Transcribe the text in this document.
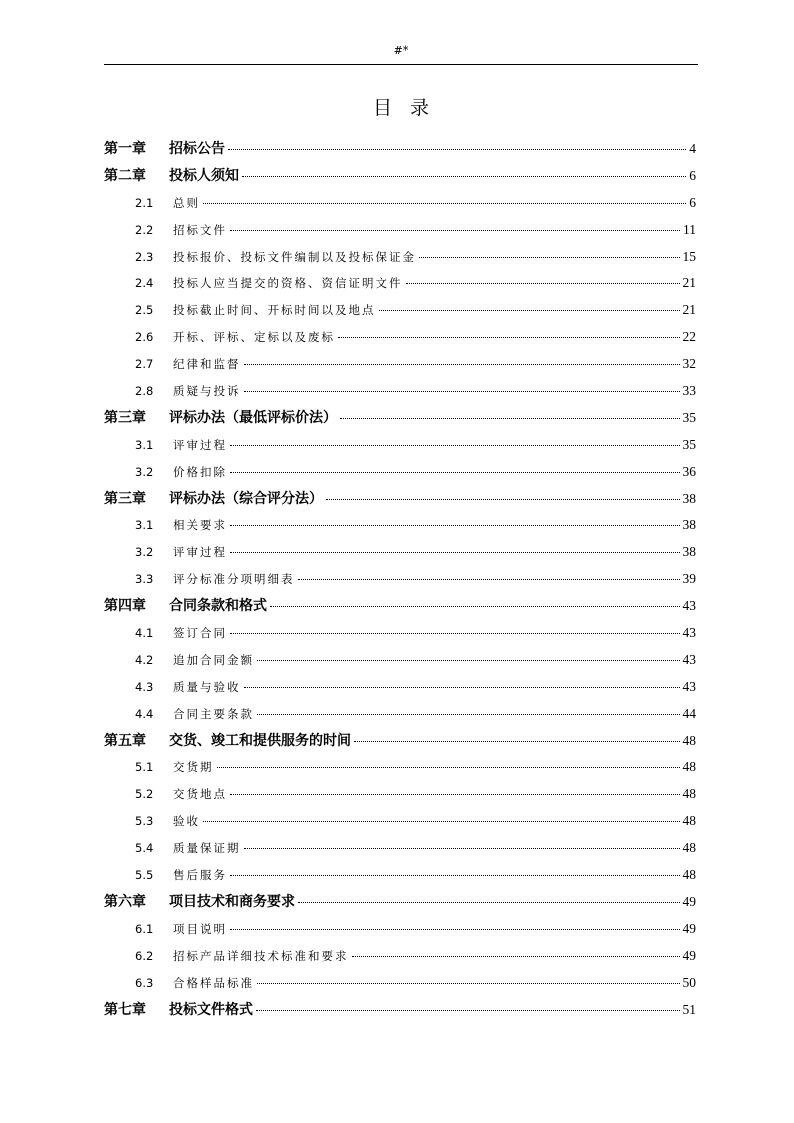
#*
目录
第一章	招标公告	4
第二章	投标人须知	6
2.1	总则	6
2.2	招标文件	11
2.3	投标报价、投标文件编制以及投标保证金	15
2.4	投标人应当提交的资格、资信证明文件	21
2.5	投标截止时间、开标时间以及地点	21
2.6	开标、评标、定标以及废标	22
2.7	纪律和监督	32
2.8	质疑与投诉	33
第三章	评标办法（最低评标价法）	35
3.1	评审过程	35
3.2	价格扣除	36
第三章	评标办法（综合评分法）	38
3.1	相关要求	38
3.2	评审过程	38
3.3	评分标准分项明细表	39
第四章	合同条款和格式	43
4.1	签订合同	43
4.2	追加合同金额	43
4.3	质量与验收	43
4.4	合同主要条款	44
第五章	交货、竣工和提供服务的时间	48
5.1	交货期	48
5.2	交货地点	48
5.3	验收	48
5.4	质量保证期	48
5.5	售后服务	48
第六章	项目技术和商务要求	49
6.1	项目说明	49
6.2	招标产品详细技术标准和要求	49
6.3	合格样品标准	50
第七章	投标文件格式	51
